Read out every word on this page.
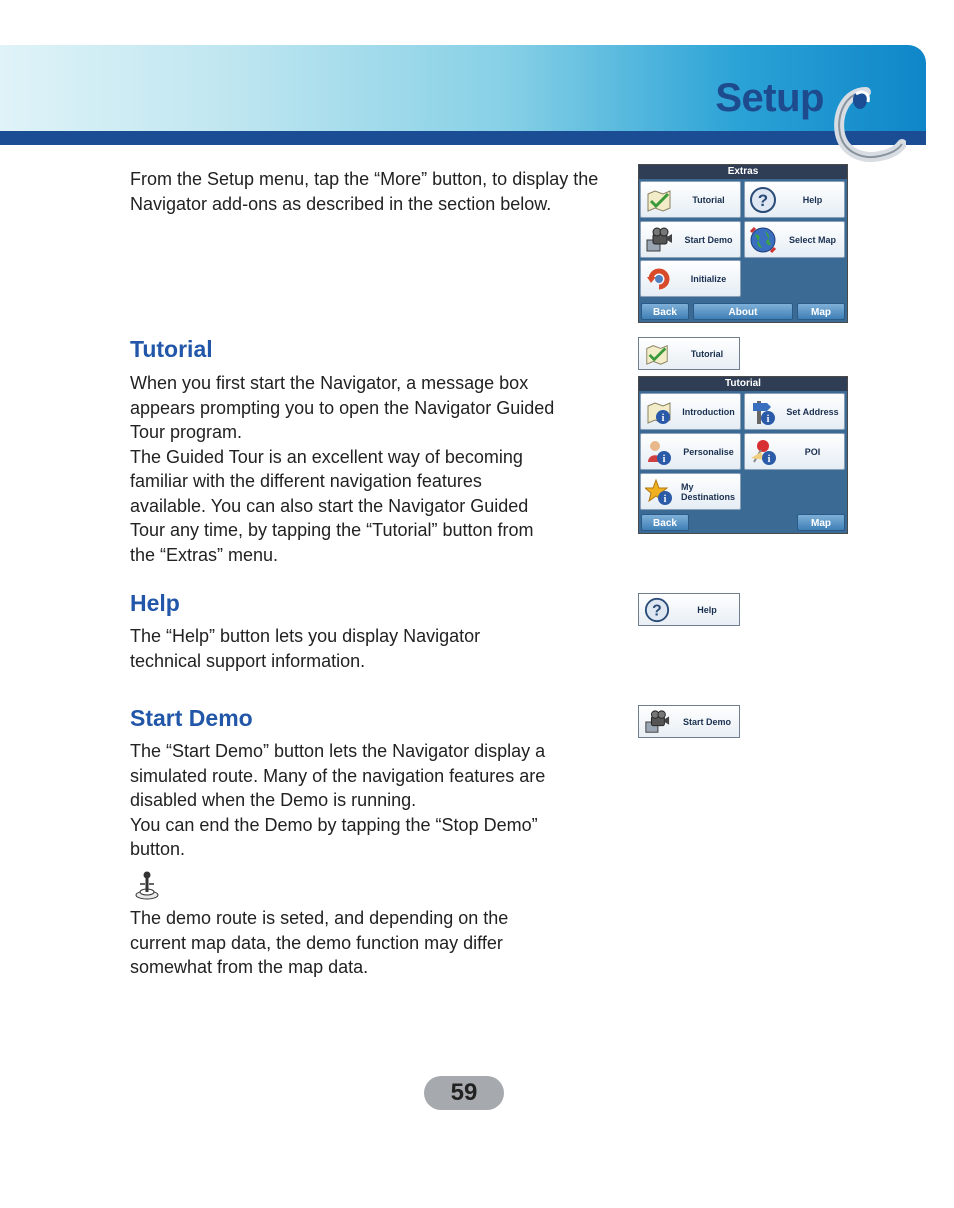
Setup

From the Setup menu, tap the “More” button, to display the Navigator add-ons as described in the section below.

Extras
Tutorial	?	Help
Start Demo	Select Map
Initialize
Back	About	Map
Tutorial
When you first start the Navigator, a message box
appears prompting you to open the Navigator Guided
Tour program.
The Guided Tour is an excellent way of becoming
familiar with the different navigation features
available. You can also start the Navigator Guided
Tour any time, by tapping the “Tutorial” button from
the “Extras” menu.
Tutorial
Tutorial
i
Introduction
i
Set Address
i
Personalise
i
POI
i
My Destinations
Back	Map
Help
The “Help” button lets you display Navigator
technical support information.
?	Help
Start Demo
The “Start Demo” button lets the Navigator display a
simulated route. Many of the navigation features are
disabled when the Demo is running.
You can end the Demo by tapping the “Stop Demo”
button.
Start Demo
The demo route is seted, and depending on the
current map data, the demo function may differ
somewhat from the map data.
59
